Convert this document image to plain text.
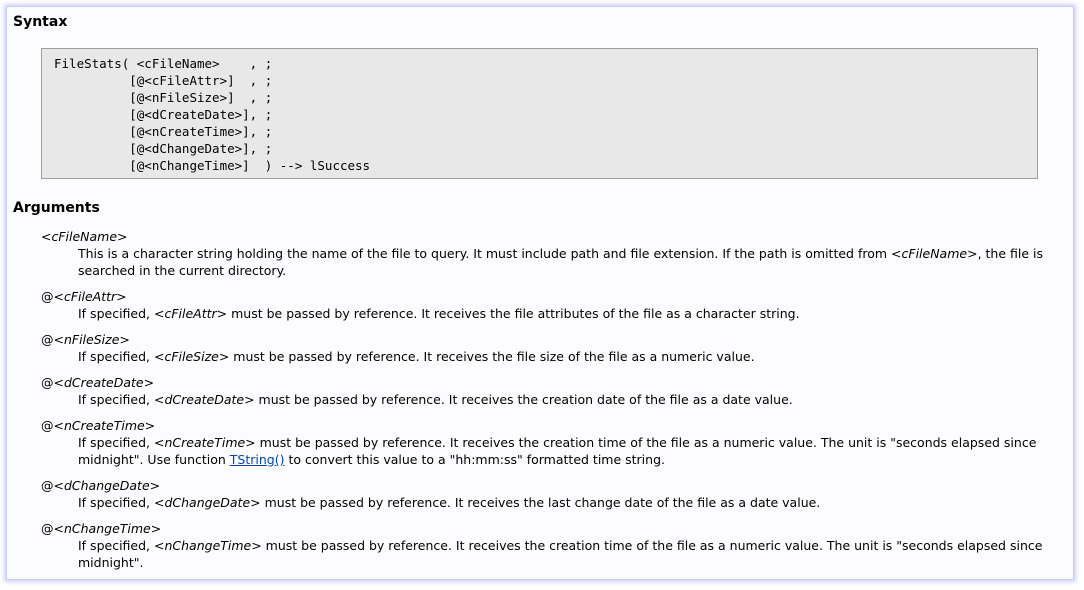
Syntax
FileStats( <cFileName>    , ;
[@<cFileAttr>]  , ;
[@<nFileSize>]  , ;
[@<dCreateDate>], ;
[@<nCreateTime>], ;
[@<dChangeDate>], ;
[@<nChangeTime>]  ) --> lSuccess
Arguments
<cFileName>
This is a character string holding the name of the file to query. It must include path and file extension. If the path is omitted from <cFileName>, the file is searched in the current directory.
@<cFileAttr>
If specified, <cFileAttr> must be passed by reference. It receives the file attributes of the file as a character string.
@<nFileSize>
If specified, <cFileSize> must be passed by reference. It receives the file size of the file as a numeric value.
@<dCreateDate>
If specified, <dCreateDate> must be passed by reference. It receives the creation date of the file as a date value.
@<nCreateTime>
If specified, <nCreateTime> must be passed by reference. It receives the creation time of the file as a numeric value. The unit is "seconds elapsed since midnight". Use function TString() to convert this value to a "hh:mm:ss" formatted time string.
@<dChangeDate>
If specified, <dChangeDate> must be passed by reference. It receives the last change date of the file as a date value.
@<nChangeTime>
If specified, <nChangeTime> must be passed by reference. It receives the creation time of the file as a numeric value. The unit is "seconds elapsed since midnight".
